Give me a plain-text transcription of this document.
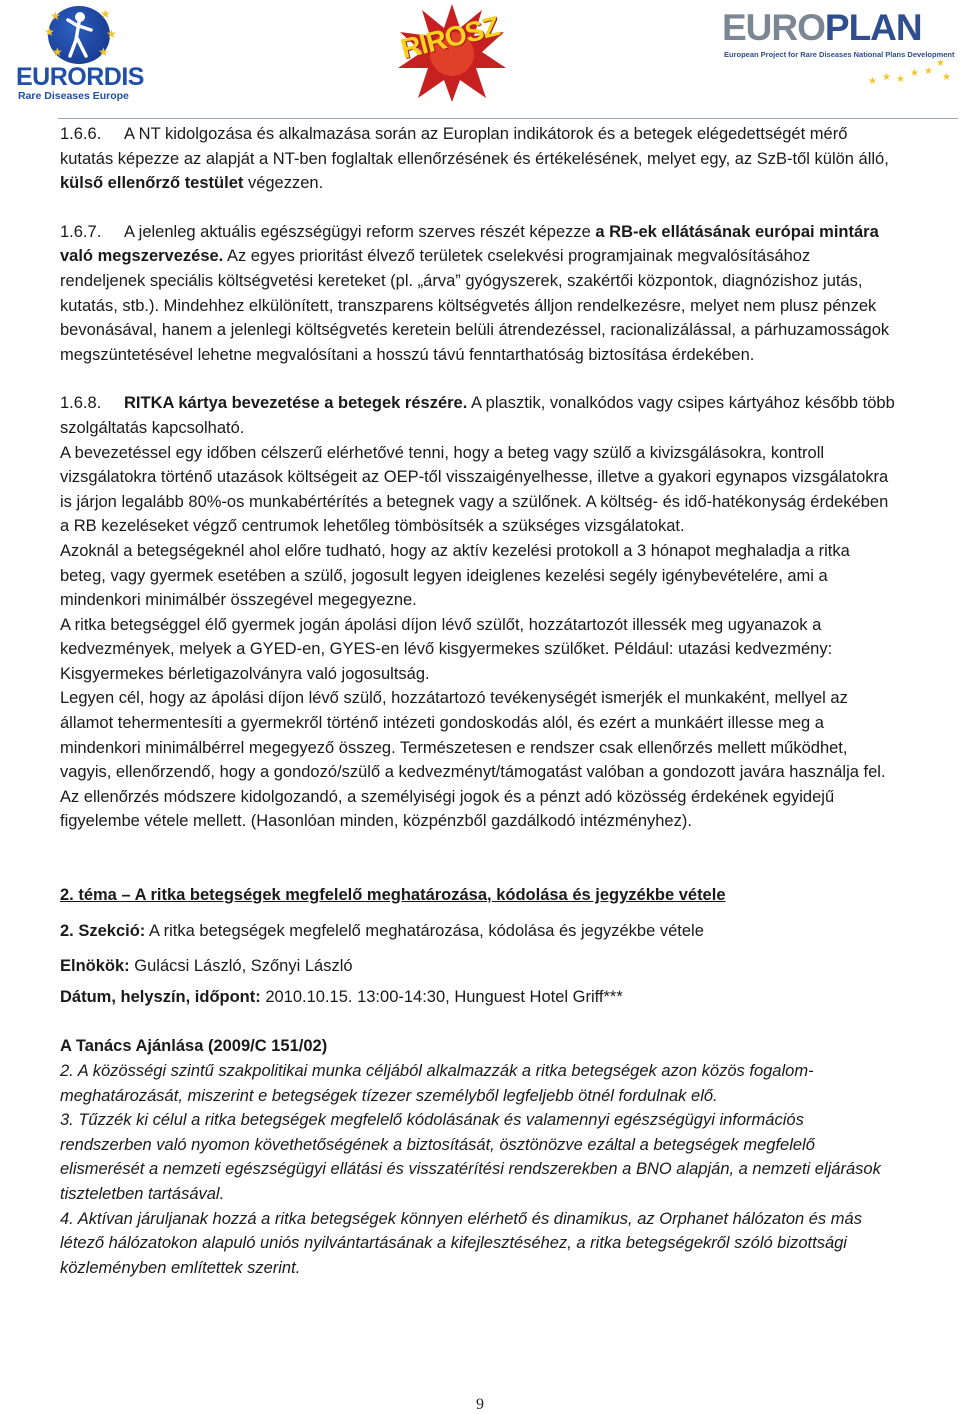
★
★	★
★
★
★
EURORDIS
Rare Diseases Europe
RIROSZ	EUROPLAN
European Project for Rare Diseases National Plans Development
★ ★ ★
★ ★
★
★

1.6.6. A NT kidolgozása és alkalmazása során az Europlan indikátorok és a betegek elégedettségét mérő kutatás képezze az alapját a NT-ben foglaltak ellenőrzésének és értékelésének, melyet egy, az SzB-től külön álló, külső ellenőrző testület végezzen.

1.6.7. A jelenleg aktuális egészségügyi reform szerves részét képezze a RB-ek ellátásának európai mintára való megszervezése. Az egyes prioritást élvező területek cselekvési programjainak megvalósításához rendeljenek speciális költségvetési kereteket (pl. „árva” gyógyszerek, szakértői központok, diagnózishoz jutás, kutatás, stb.). Mindehhez elkülönített, transzparens költségvetés álljon rendelkezésre, melyet nem plusz pénzek bevonásával, hanem a jelenlegi költségvetés keretein belüli átrendezéssel, racionalizálással, a párhuzamosságok megszüntetésével lehetne megvalósítani a hosszú távú fenntarthatóság biztosítása érdekében.

1.6.8. RITKA kártya bevezetése a betegek részére. A plasztik, vonalkódos vagy csipes kártyához később több szolgáltatás kapcsolható.

A bevezetéssel egy időben célszerű elérhetővé tenni, hogy a beteg vagy szülő a kivizsgálásokra, kontroll vizsgálatokra történő utazások költségeit az OEP-től visszaigényelhesse, illetve a gyakori egynapos vizsgálatokra is járjon legalább 80%-os munkabértérítés a betegnek vagy a szülőnek. A költség- és idő-hatékonyság érdekében a RB kezeléseket végző centrumok lehetőleg tömbösítsék a szükséges vizsgálatokat.

Azoknál a betegségeknél ahol előre tudható, hogy az aktív kezelési protokoll a 3 hónapot meghaladja a ritka beteg, vagy gyermek esetében a szülő, jogosult legyen ideiglenes kezelési segély igénybevételére, ami a mindenkori minimálbér összegével megegyezne.

A ritka betegséggel élő gyermek jogán ápolási díjon lévő szülőt, hozzátartozót illessék meg ugyanazok a kedvezmények, melyek a GYED-en, GYES-en lévő kisgyermekes szülőket. Például: utazási kedvezmény: Kisgyermekes bérletigazolványra való jogosultság.

Legyen cél, hogy az ápolási díjon lévő szülő, hozzátartozó tevékenységét ismerjék el munkaként, mellyel az államot tehermentesíti a gyermekről történő intézeti gondoskodás alól, és ezért a munkáért illesse meg a mindenkori minimálbérrel megegyező összeg. Természetesen e rendszer csak ellenőrzés mellett működhet, vagyis, ellenőrzendő, hogy a gondozó/szülő a kedvezményt/támogatást valóban a gondozott javára használja fel. Az ellenőrzés módszere kidolgozandó, a személyiségi jogok és a pénzt adó közösség érdekének egyidejű figyelembe vétele mellett. (Hasonlóan minden, közpénzből gazdálkodó intézményhez).

2. téma – A ritka betegségek megfelelő meghatározása, kódolása és jegyzékbe vétele

2. Szekció: A ritka betegségek megfelelő meghatározása, kódolása és jegyzékbe vétele

Elnökök: Gulácsi László, Szőnyi László

Dátum, helyszín, időpont: 2010.10.15. 13:00-14:30, Hunguest Hotel Griff***

A Tanács Ajánlása (2009/C 151/02)

2. A közösségi szintű szakpolitikai munka céljából alkalmazzák a ritka betegségek azon közös fogalom-meghatározását, miszerint e betegségek tízezer személyből legfeljebb ötnél fordulnak elő.

3. Tűzzék ki célul a ritka betegségek megfelelő kódolásának és valamennyi egészségügyi információs rendszerben való nyomon követhetőségének a biztosítását, ösztönözve ezáltal a betegségek megfelelő elismerését a nemzeti egészségügyi ellátási és visszatérítési rendszerekben a BNO alapján, a nemzeti eljárások tiszteletben tartásával.

4. Aktívan járuljanak hozzá a ritka betegségek könnyen elérhető és dinamikus, az Orphanet hálózaton és más létező hálózatokon alapuló uniós nyilvántartásának a kifejlesztéséhez, a ritka betegségekről szóló bizottsági közleményben említettek szerint.

9
